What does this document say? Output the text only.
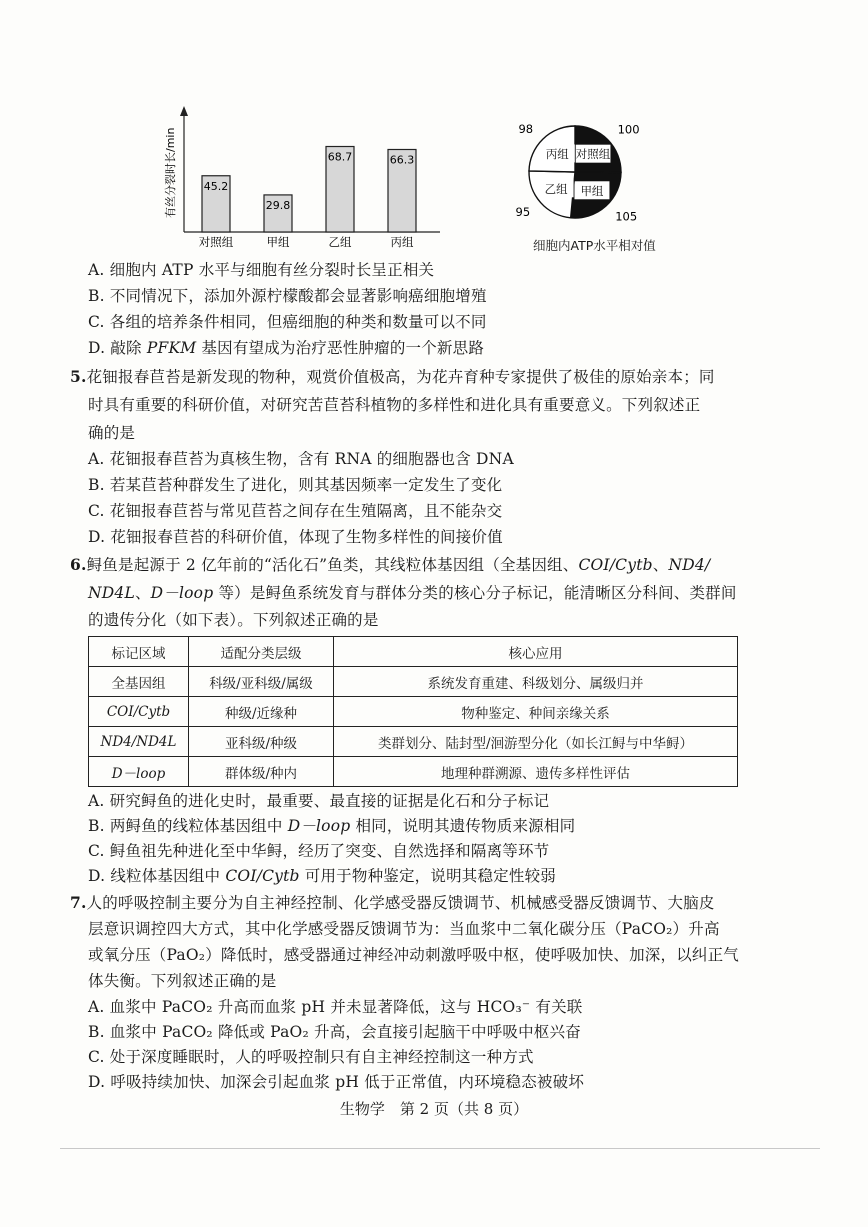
有丝分裂时长/min 45.2
对照组
29.8
甲组
68.7
乙组
66.3
丙组
对照组
100
甲组
105
乙组
95
丙组
98
细胞内ATP水平相对值
A. 细胞内 ATP 水平与细胞有丝分裂时长呈正相关
B. 不同情况下，添加外源柠檬酸都会显著影响癌细胞增殖
C. 各组的培养条件相同，但癌细胞的种类和数量可以不同
D. 敲除 PFKM 基因有望成为治疗恶性肿瘤的一个新思路
5.花钿报春苣苔是新发现的物种，观赏价值极高，为花卉育种专家提供了极佳的原始亲本；同
时具有重要的科研价值，对研究苦苣苔科植物的多样性和进化具有重要意义。下列叙述正
确的是
A. 花钿报春苣苔为真核生物，含有 RNA 的细胞器也含 DNA
B. 若某苣苔种群发生了进化，则其基因频率一定发生了变化
C. 花钿报春苣苔与常见苣苔之间存在生殖隔离，且不能杂交
D. 花钿报春苣苔的科研价值，体现了生物多样性的间接价值
6.鲟鱼是起源于 2 亿年前的“活化石”鱼类，其线粒体基因组（全基因组、COⅠ/Cytb、ND4/
ND4L、D－loop 等）是鲟鱼系统发育与群体分类的核心分子标记，能清晰区分科间、类群间
的遗传分化（如下表）。下列叙述正确的是
标记区域	适配分类层级	核心应用
全基因组	科级/亚科级/属级	系统发育重建、科级划分、属级归并
COⅠ/Cytb	种级/近缘种	物种鉴定、种间亲缘关系
ND4/ND4L	亚科级/种级	类群划分、陆封型/洄游型分化（如长江鲟与中华鲟）
D－loop	群体级/种内	地理种群溯源、遗传多样性评估
A. 研究鲟鱼的进化史时，最重要、最直接的证据是化石和分子标记
B. 两鲟鱼的线粒体基因组中 D－loop 相同，说明其遗传物质来源相同
C. 鲟鱼祖先种进化至中华鲟，经历了突变、自然选择和隔离等环节
D. 线粒体基因组中 COⅠ/Cytb 可用于物种鉴定，说明其稳定性较弱
7.人的呼吸控制主要分为自主神经控制、化学感受器反馈调节、机械感受器反馈调节、大脑皮
层意识调控四大方式，其中化学感受器反馈调节为：当血浆中二氧化碳分压（PaCO₂）升高
或氧分压（PaO₂）降低时，感受器通过神经冲动刺激呼吸中枢，使呼吸加快、加深，以纠正气
体失衡。下列叙述正确的是
A. 血浆中 PaCO₂ 升高而血浆 pH 并未显著降低，这与 HCO₃⁻ 有关联
B. 血浆中 PaCO₂ 降低或 PaO₂ 升高，会直接引起脑干中呼吸中枢兴奋
C. 处于深度睡眠时，人的呼吸控制只有自主神经控制这一种方式
D. 呼吸持续加快、加深会引起血浆 pH 低于正常值，内环境稳态被破坏
生物学　第 2 页（共 8 页）
